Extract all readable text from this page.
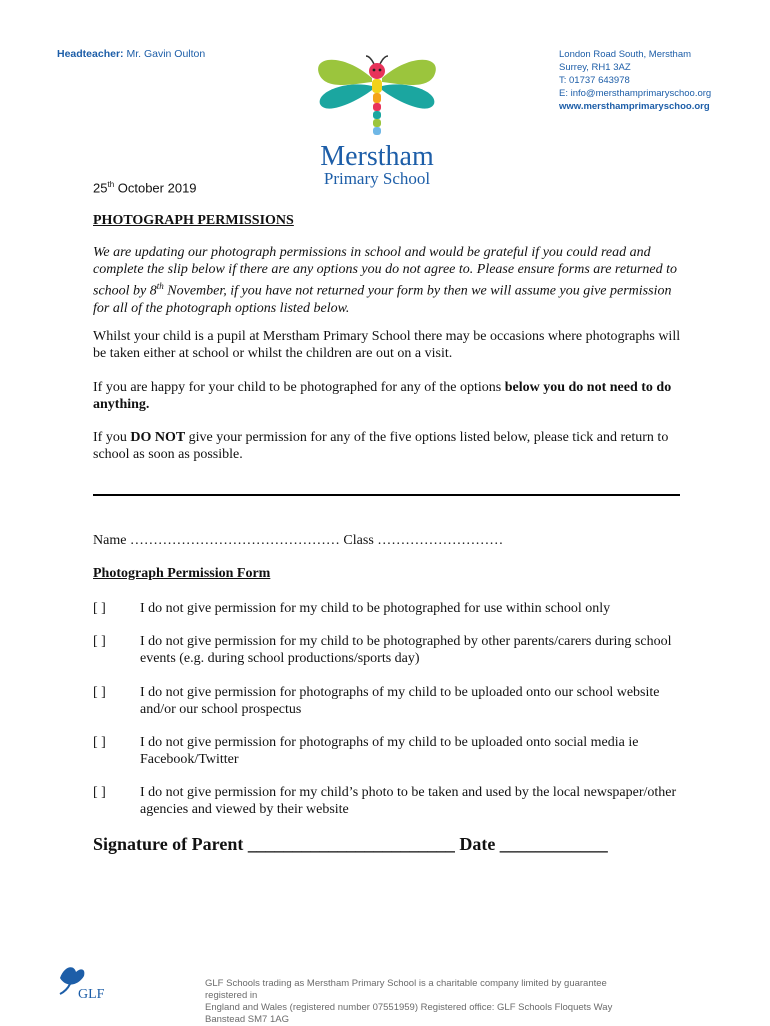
Headteacher: Mr. Gavin Oulton	London Road South, Merstham
Surrey, RH1 3AZ
T: 01737 643978
E: info@mersthamprimaryschoo.org
www.mersthamprimaryschoo.org
Merstham
Primary School
25th October 2019
PHOTOGRAPH PERMISSIONS
We are updating our photograph permissions in school and would be grateful if you could read and complete the slip below if there are any options you do not agree to. Please ensure forms are returned to school by 8th November, if you have not returned your form by then we will assume you give permission for all of the photograph options listed below.
Whilst your child is a pupil at Merstham Primary School there may be occasions where photographs will be taken either at school or whilst the children are out on a visit.
If you are happy for your child to be photographed for any of the options below you do not need to do anything.
If you DO NOT give your permission for any of the five options listed below, please tick and return to school as soon as possible.
Name ……………………………………… Class ………………………
Photograph Permission Form
[ ] I do not give permission for my child to be photographed for use within school only
[ ] I do not give permission for my child to be photographed by other parents/carers during school events (e.g. during school productions/sports day)
[ ] I do not give permission for photographs of my child to be uploaded onto our school website and/or our school prospectus
[ ] I do not give permission for photographs of my child to be uploaded onto social media ie Facebook/Twitter
[ ] I do not give permission for my child’s photo to be taken and used by the local newspaper/other agencies and viewed by their website
Signature of Parent _______________________ Date ____________
GLF
GLF Schools trading as Merstham Primary School is a charitable company limited by guarantee registered in
England and Wales (registered number 07551959) Registered office: GLF Schools Floquets Way Banstead SM7 1AG
